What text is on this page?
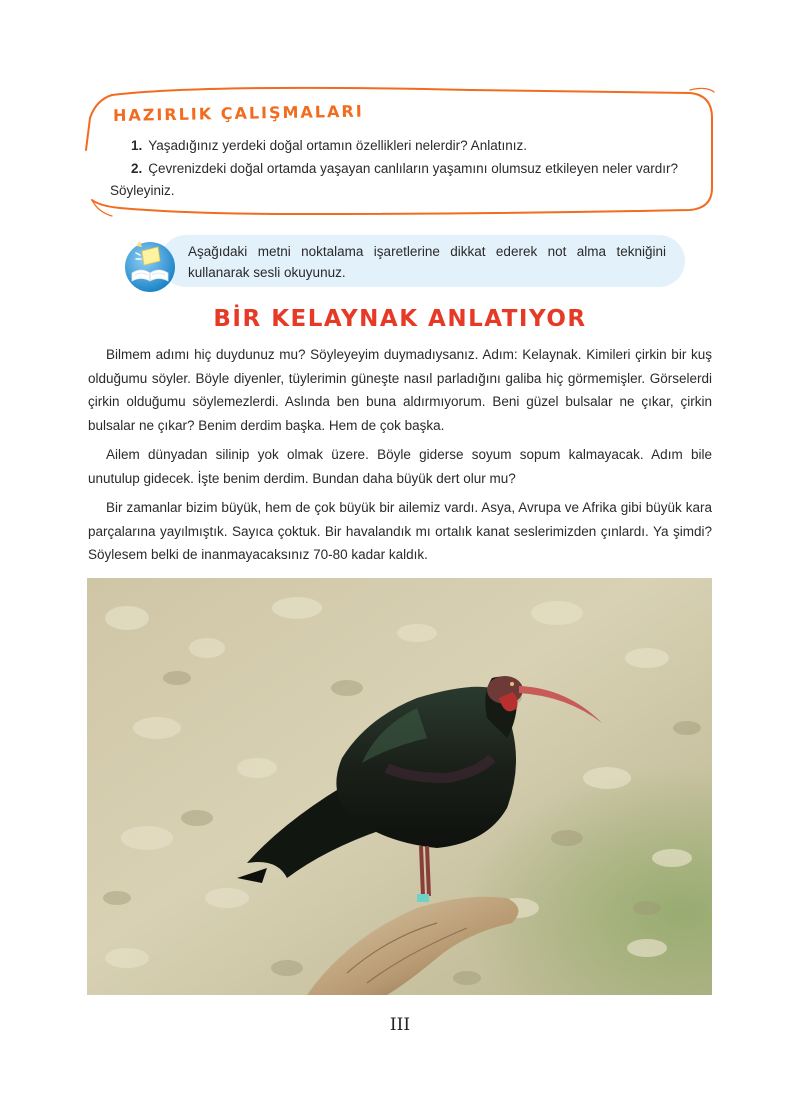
HAZIRLIK ÇALIŞMALARI

1. Yaşadığınız yerdeki doğal ortamın özellikleri nelerdir? Anlatınız.

2. Çevrenizdeki doğal ortamda yaşayan canlıların yaşamını olumsuz etkileyen neler vardır?

Söyleyiniz.

Aşağıdaki metni noktalama işaretlerine dikkat ederek not alma tekniğini kullanarak sesli okuyunuz.

BİR KELAYNAK ANLATIYOR

Bilmem adımı hiç duydunuz mu? Söyleyeyim duymadıysanız. Adım: Kelaynak. Kimileri çirkin bir kuş olduğumu söyler. Böyle diyenler, tüylerimin güneşte nasıl parladığını galiba hiç görmemişler. Görselerdi çirkin olduğumu söylemezlerdi. Aslında ben buna aldırmıyorum. Beni güzel bulsalar ne çıkar, çirkin bulsalar ne çıkar? Benim derdim başka. Hem de çok başka.

Ailem dünyadan silinip yok olmak üzere. Böyle giderse soyum sopum kalmayacak. Adım bile unutulup gidecek. İşte benim derdim. Bundan daha büyük dert olur mu?

Bir zamanlar bizim büyük, hem de çok büyük bir ailemiz vardı. Asya, Avrupa ve Afrika gibi büyük kara parçalarına yayılmıştık. Sayıca çoktuk. Bir havalandık mı ortalık kanat seslerimizden çınlardı. Ya şimdi? Söylesem belki de inanmayacaksınız 70-80 kadar kaldık.

III
